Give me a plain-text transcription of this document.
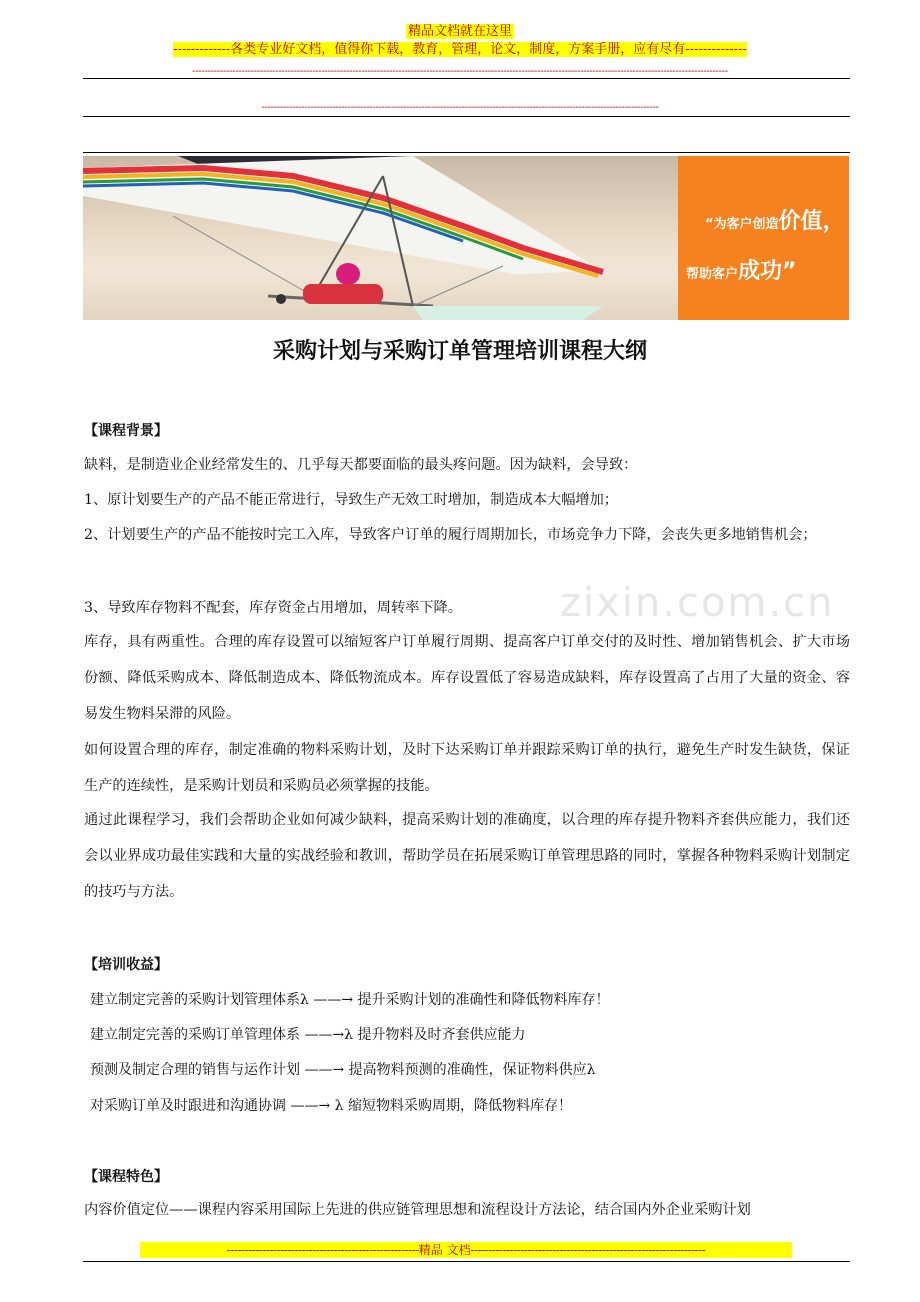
精品文档就在这里
-------------各类专业好文档，值得你下载，教育，管理，论文，制度，方案手册，应有尽有--------------
------------------------------------------------------------------------------------------------------------------------------------------------------------------------------
---------------------------------------------------------------------------------------------------------------------------------
“为客户创造价值，
帮助客户成功”
采购计划与采购订单管理培训课程大纲
zixin.com.cn
【课程背景】
缺料，是制造业企业经常发生的、几乎每天都要面临的最头疼问题。因为缺料，会导致：
1、原计划要生产的产品不能正常进行，导致生产无效工时增加，制造成本大幅增加；
2、计划要生产的产品不能按时完工入库，导致客户订单的履行周期加长，市场竞争力下降，会丧失更多地销售机会；
3、导致库存物料不配套，库存资金占用增加，周转率下降。
库存，具有两重性。合理的库存设置可以缩短客户订单履行周期、提高客户订单交付的及时性、增加销售机会、扩大市场份额、降低采购成本、降低制造成本、降低物流成本。库存设置低了容易造成缺料，库存设置高了占用了大量的资金、容易发生物料呆滞的风险。
如何设置合理的库存，制定准确的物料采购计划，及时下达采购订单并跟踪采购订单的执行，避免生产时发生缺货，保证生产的连续性，是采购计划员和采购员必须掌握的技能。
通过此课程学习，我们会帮助企业如何减少缺料，提高采购计划的准确度，以合理的库存提升物料齐套供应能力，我们还会以业界成功最佳实践和大量的实战经验和教训，帮助学员在拓展采购订单管理思路的同时，掌握各种物料采购计划制定的技巧与方法。
【培训收益】
建立制定完善的采购计划管理体系λ ——→ 提升采购计划的准确性和降低物料库存！
建立制定完善的采购订单管理体系 ——→λ 提升物料及时齐套供应能力
预测及制定合理的销售与运作计划 ——→ 提高物料预测的准确性，保证物料供应λ
对采购订单及时跟进和沟通协调 ——→ λ 缩短物料采购周期，降低物料库存！
【课程特色】
内容价值定位——课程内容采用国际上先进的供应链管理思想和流程设计方法论，结合国内外企业采购计划
------------------------------------------------------精品 文档------------------------------------------------------------------
